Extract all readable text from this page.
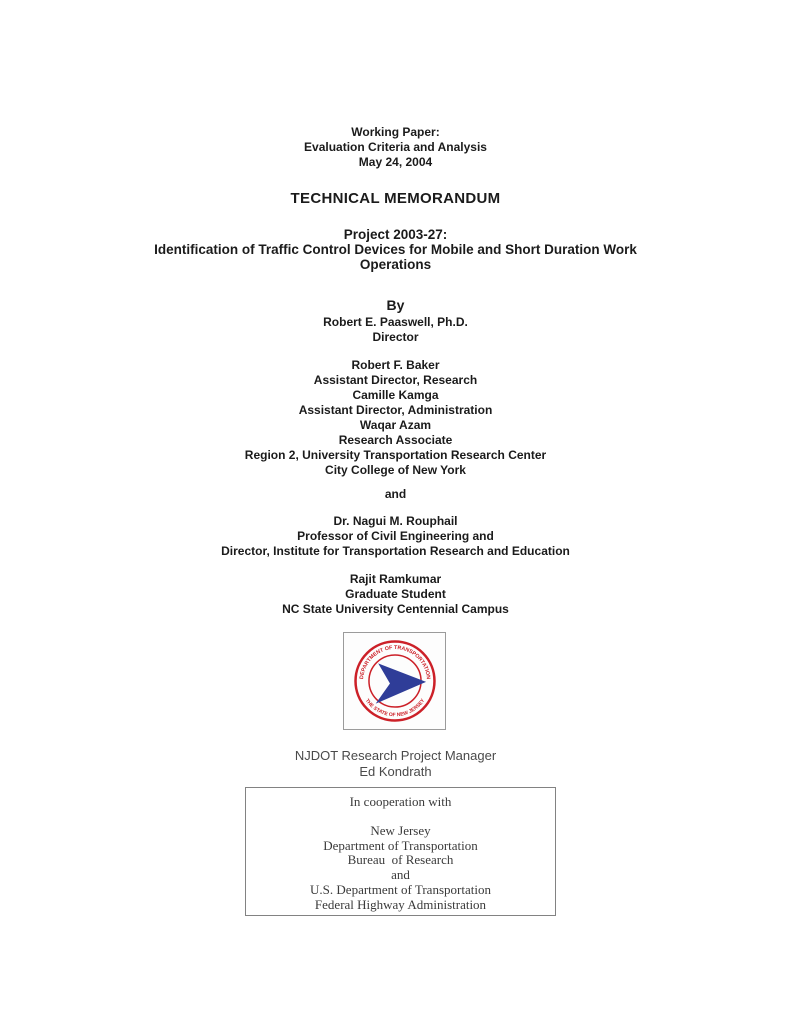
Working Paper:
Evaluation Criteria and Analysis
May 24, 2004
TECHNICAL MEMORANDUM
Project 2003-27:
Identification of Traffic Control Devices for Mobile and Short Duration Work
Operations
By
Robert E. Paaswell, Ph.D.
Director
Robert F. Baker
Assistant Director, Research
Camille Kamga
Assistant Director, Administration
Waqar Azam
Research Associate
Region 2, University Transportation Research Center
City College of New York
and
Dr. Nagui M. Rouphail
Professor of Civil Engineering and
Director, Institute for Transportation Research and Education
Rajit Ramkumar
Graduate Student
NC State University Centennial Campus
DEPARTMENT OF TRANSPORTATION
THE STATE OF NEW JERSEY
NJDOT Research Project Manager
Ed Kondrath
In cooperation with
New Jersey
Department of Transportation
Bureau  of Research
and
U.S. Department of Transportation
Federal Highway Administration
